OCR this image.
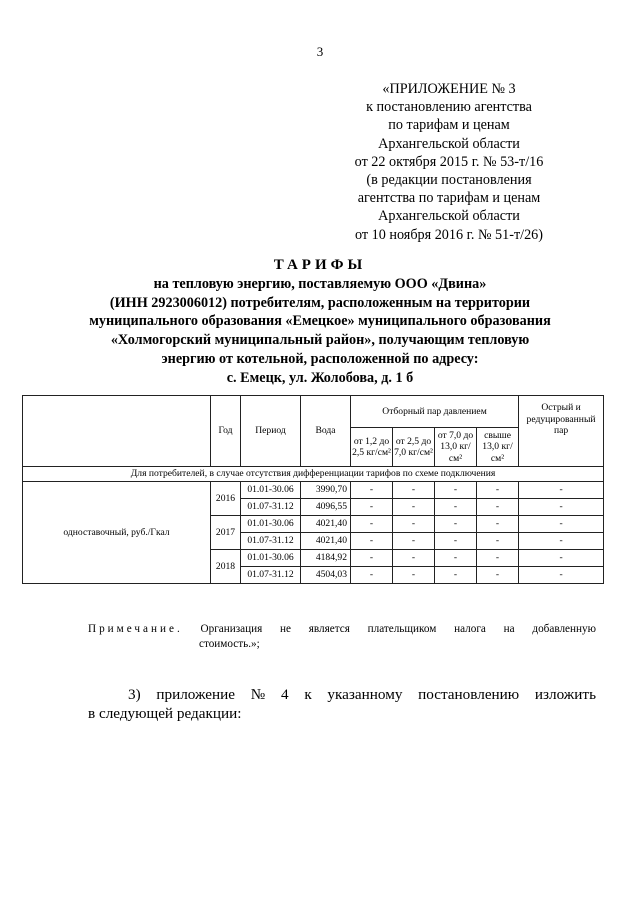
3
«ПРИЛОЖЕНИЕ № 3
к постановлению агентства
по тарифам и ценам
Архангельской области
от 22 октября 2015 г. № 53-т/16
(в редакции постановления
агентства по тарифам и ценам
Архангельской области
от 10 ноября 2016 г. № 51-т/26)
ТАРИФЫ
на тепловую энергию, поставляемую ООО «Двина»
(ИНН 2923006012) потребителям, расположенным на территории
муниципального образования «Емецкое» муниципального образования
«Холмогорский муниципальный район», получающим тепловую
энергию от котельной, расположенной по адресу:
с. Емецк, ул. Жолобова, д. 1 б
	Год	Период	Вода	Отборный пар давлением				Острый и редуцированный пар
				от 1,2 до 2,5 кг/см²	от 2,5 до 7,0 кг/см²	от 7,0 до 13,0 кг/см²	свыше 13,0 кг/см²	
Для потребителей, в случае отсутствия дифференциации тарифов по схеме подключения								
одноставочный, руб./Гкал	2016	01.01-30.06	3990,70	-	-	-	-	-
		01.07-31.12	4096,55	-	-	-	-	-
	2017	01.01-30.06	4021,40	-	-	-	-	-
		01.07-31.12	4021,40	-	-	-	-	-
	2018	01.01-30.06	4184,92	-	-	-	-	-
		01.07-31.12	4504,03	-	-	-	-	-
Примечание. Организация не является плательщиком налога на добавленную
стоимость.»;
3) приложение № 4 к указанному постановлению изложить
в следующей редакции:
